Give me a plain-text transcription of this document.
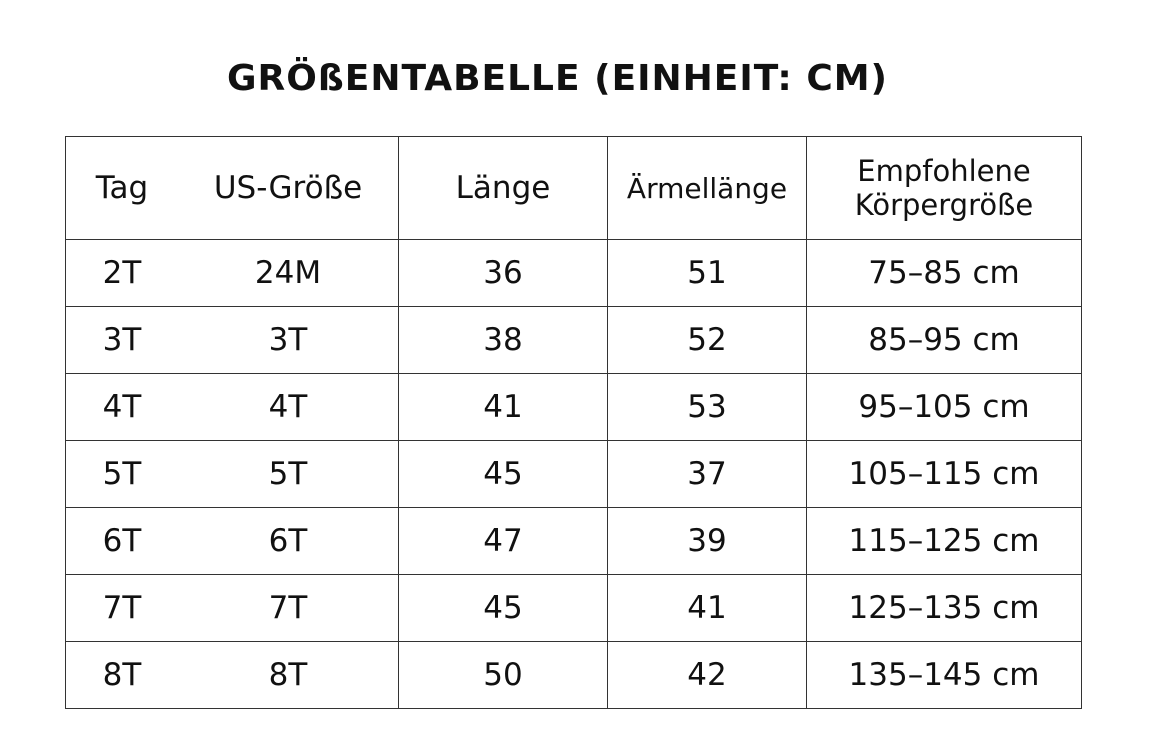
GRÖßENTABELLE (EINHEIT: CM)
Tag US-Größe	Länge	Ärmellänge	Empfohlene
Körpergröße

2T 24M	36	51	75–85 cm

3T 3T	38	52	85–95 cm

4T 4T	41	53	95–105 cm

5T 5T	45	37	105–115 cm

6T 6T	47	39	115–125 cm

7T 7T	45	41	125–135 cm

8T 8T	50	42	135–145 cm
